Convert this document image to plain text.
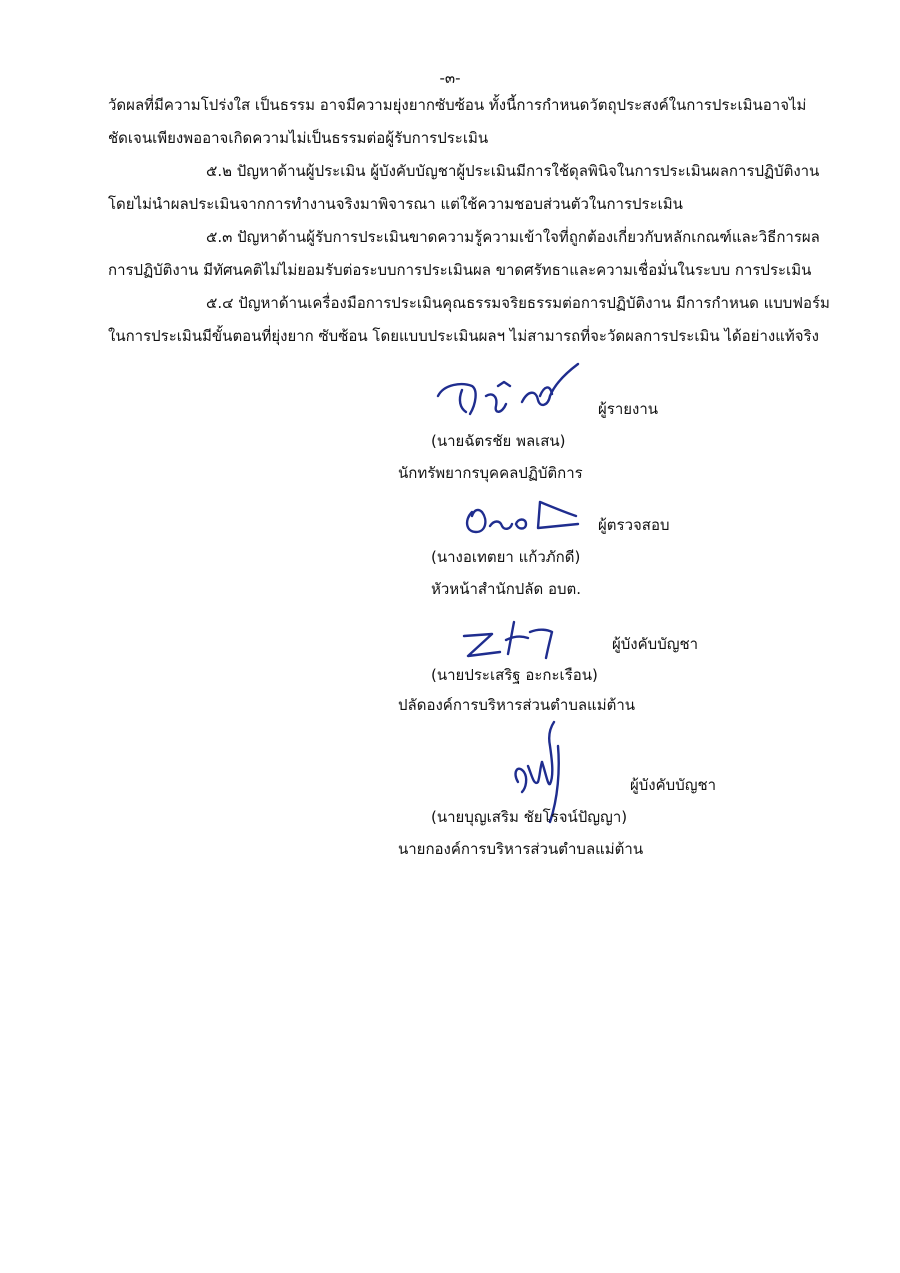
-๓-
วัดผลที่มีความโปร่งใส เป็นธรรม อาจมีความยุ่งยากซับซ้อน ทั้งนี้การกำหนดวัตถุประสงค์ในการประเมินอาจไม่
ชัดเจนเพียงพออาจเกิดความไม่เป็นธรรมต่อผู้รับการประเมิน
๕.๒ ปัญหาด้านผู้ประเมิน ผู้บังคับบัญชาผู้ประเมินมีการใช้ดุลพินิจในการประเมินผลการปฏิบัติงาน
โดยไม่นำผลประเมินจากการทำงานจริงมาพิจารณา แต่ใช้ความชอบส่วนตัวในการประเมิน
๕.๓ ปัญหาด้านผู้รับการประเมินขาดความรู้ความเข้าใจที่ถูกต้องเกี่ยวกับหลักเกณฑ์และวิธีการผล
การปฏิบัติงาน มีทัศนคติไม่ไม่ยอมรับต่อระบบการประเมินผล ขาดศรัทธาและความเชื่อมั่นในระบบ การประเมิน
๕.๔ ปัญหาด้านเครื่องมือการประเมินคุณธรรมจริยธรรมต่อการปฏิบัติงาน มีการกำหนด แบบฟอร์ม
ในการประเมินมีขั้นตอนที่ยุ่งยาก ซับซ้อน โดยแบบประเมินผลฯ ไม่สามารถที่จะวัดผลการประเมิน ได้อย่างแท้จริง
ผู้รายงาน
(นายฉัตรชัย พลเสน)
นักทรัพยากรบุคคลปฏิบัติการ
ผู้ตรวจสอบ
(นางอเทตยา แก้วภักดี)
หัวหน้าสำนักปลัด อบต.
ผู้บังคับบัญชา
(นายประเสริฐ อะกะเรือน)
ปลัดองค์การบริหารส่วนตำบลแม่ต้าน
ผู้บังคับบัญชา
(นายบุญเสริม ชัยโรจน์ปัญญา)
นายกองค์การบริหารส่วนตำบลแม่ต้าน
